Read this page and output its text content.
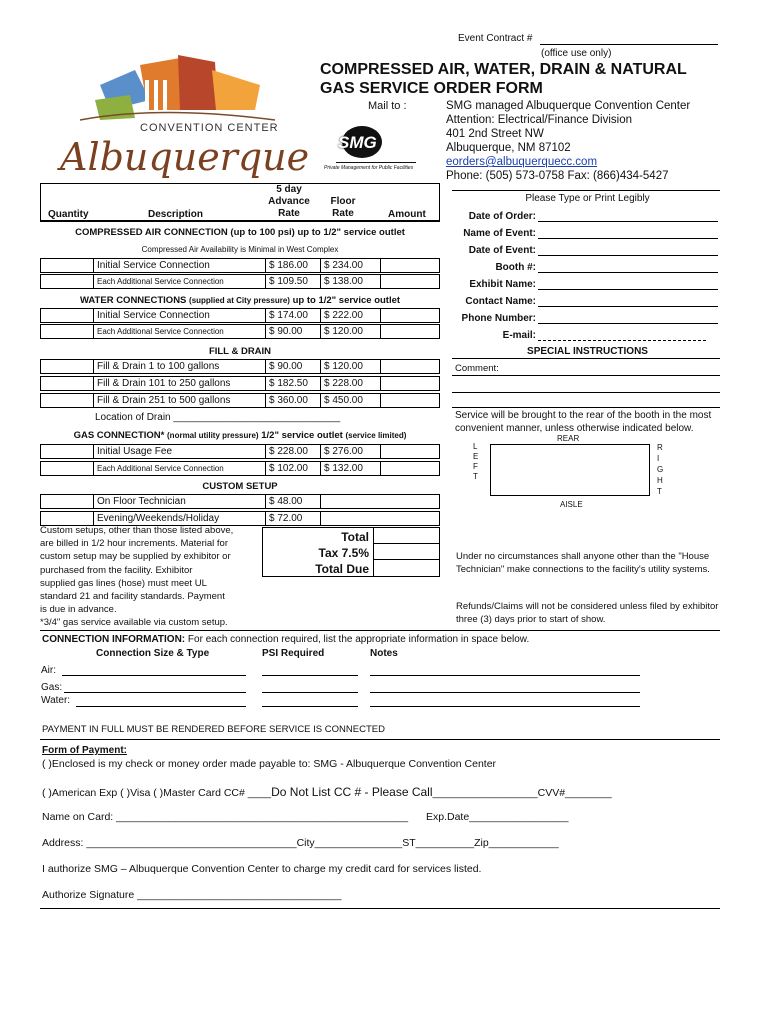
Event Contract #
(office use only)
CONVENTION CENTER
Albuquerque
COMPRESSED AIR, WATER, DRAIN & NATURAL
GAS SERVICE ORDER FORM
Mail to :
SMG
Private Management for Public Facilities
SMG managed Albuquerque Convention Center
Attention: Electrical/Finance Division
401 2nd Street NW
Albuquerque, NM 87102
eorders@albuquerquecc.com
Phone: (505) 573-0758 Fax: (866)434-5427
Quantity	Description
5 day
Advance
Rate
Floor
Rate	Amount
COMPRESSED AIR CONNECTION (up to 100 psi) up to 1/2" service outlet
Compressed Air Availability is Minimal in West Complex
Initial Service Connection	$ 186.00	$ 234.00
Each Additional Service Connection	$ 109.50	$ 138.00
WATER CONNECTIONS (supplied at City pressure) up to 1/2" service outlet
Initial Service Connection	$ 174.00	$ 222.00
Each Additional Service Connection	$ 90.00	$ 120.00
FILL & DRAIN
Fill & Drain 1 to 100 gallons	$ 90.00	$ 120.00
Fill & Drain 101 to 250 gallons	$ 182.50	$ 228.00
Fill & Drain 251 to 500 gallons	$ 360.00	$ 450.00
Location of Drain ______________________________
GAS CONNECTION* (normal utility pressure) 1/2" service outlet (service limited)
Initial Usage Fee	$ 228.00	$ 276.00
Each Additional Service Connection	$ 102.00	$ 132.00
CUSTOM SETUP
On Floor Technician	$ 48.00
Evening/Weekends/Holiday	$ 72.00
Custom setups, other than those listed above,
are billed in 1/2 hour increments. Material for
custom setup may be supplied by exhibitor or
purchased from the facility. Exhibitor
supplied gas lines (hose) must meet UL
standard 21 and facility standards. Payment
is due in advance.
*3/4" gas service available via custom setup.
Total
Tax 7.5%
Total Due
Please Type or Print Legibly
Date of Order:
Name of Event:
Date of Event:
Booth #:
Exhibit Name:
Contact Name:
Phone Number:
E-mail:
SPECIAL INSTRUCTIONS
Comment:
Service will be brought to the rear of the booth in the most convenient manner, unless otherwise indicated below.
REAR
L
E
F
T
R
I
G
H
T
AISLE
Under no circumstances shall anyone other than the "House Technician" make connections to the facility's utility systems.
Refunds/Claims will not be considered unless filed by exhibitor three (3) days prior to start of show.
CONNECTION INFORMATION: For each connection required, list the appropriate information in space below.
Connection Size & Type	PSI Required	Notes
Air:
Gas:
Water:
PAYMENT IN FULL MUST BE RENDERED BEFORE SERVICE IS CONNECTED
Form of Payment:
( )Enclosed is my check or money order made payable to: SMG - Albuquerque Convention Center
( )American Exp ( )Visa ( )Master Card CC# ____Do Not List CC # - Please Call__________________CVV#________
Name on Card: __________________________________________________ Exp.Date_________________
Address: ____________________________________City_______________ST__________Zip____________
I authorize SMG – Albuquerque Convention Center to charge my credit card for services listed.
Authorize Signature ___________________________________
